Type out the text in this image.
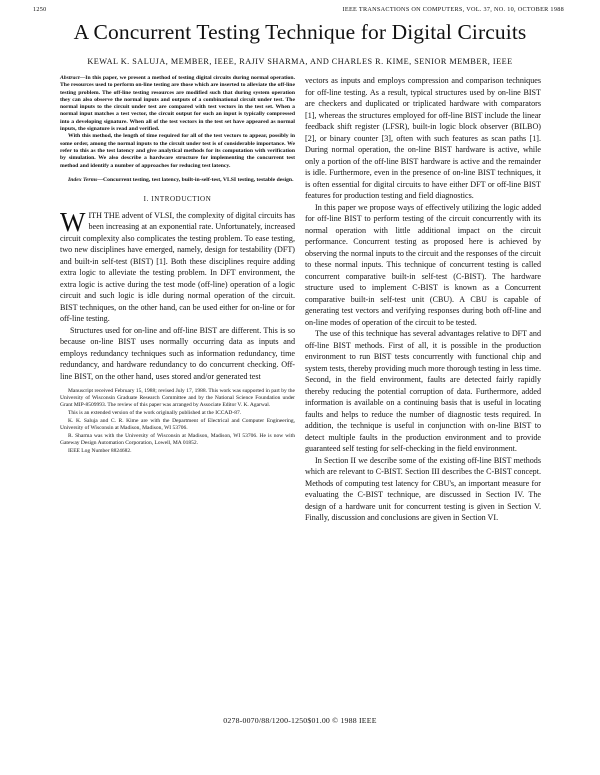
1250	IEEE TRANSACTIONS ON COMPUTERS, VOL. 37, NO. 10, OCTOBER 1988
A Concurrent Testing Technique for Digital Circuits
KEWAL K. SALUJA, MEMBER, IEEE, RAJIV SHARMA, AND CHARLES R. KIME, SENIOR MEMBER, IEEE

Abstract—In this paper, we present a method of testing digital circuits during normal operation. The resources used to perform on-line testing are those which are inserted to alleviate the off-line testing problem. The off-line testing resources are modified such that during system operation they can also observe the normal inputs and outputs of a combinational circuit under test. The normal inputs to the circuit under test are compared with test vectors in the test set. When a normal input matches a test vector, the circuit output for such an input is typically compressed into a developing signature. When all of the test vectors in the test set have appeared as normal inputs, the signature is read and verified.

With this method, the length of time required for all of the test vectors to appear, possibly in some order, among the normal inputs to the circuit under test is of considerable importance. We refer to this as the test latency and give analytical methods for its computation with verification by simulation. We also describe a hardware structure for implementing the concurrent test method and identify a number of approaches for reducing test latency.

Index Terms—Concurrent testing, test latency, built-in-self-test, VLSI testing, testable design.
I. INTRODUCTION

WITH THE advent of VLSI, the complexity of digital circuits has been increasing at an exponential rate. Unfortunately, increased circuit complexity also complicates the testing problem. To ease testing, two new disciplines have emerged, namely, design for testability (DFT) and built-in self-test (BIST) [1]. Both these disciplines require adding extra logic to alleviate the testing problem. In DFT environment, the extra logic is active during the test mode (off-line) operation of a logic circuit and such logic is idle during normal operation of the circuit. BIST techniques, on the other hand, can be used either for on-line or for off-line testing.

Structures used for on-line and off-line BIST are different. This is so because on-line BIST uses normally occurring data as inputs and employs redundancy techniques such as information redundancy, time redundancy, and hardware redundancy to do concurrent checking. Off-line BIST, on the other hand, uses stored and/or generated test

Manuscript received February 15, 1988; revised July 17, 1988. This work was supported in part by the University of Wisconsin Graduate Research Committee and by the National Science Foundation under Grant MIP-8509993. The review of this paper was arranged by Associate Editor V. K. Agarwal.

This is an extended version of the work originally published at the ICCAD-87.

K. K. Saluja and C. R. Kime are with the Department of Electrical and Computer Engineering, University of Wisconsin at Madison, Madison, WI 53706.

R. Sharma was with the University of Wisconsin at Madison, Madison, WI 53706. He is now with Gateway Design Automation Corporation, Lowell, MA 01852.

IEEE Log Number 8824682.

vectors as inputs and employs compression and comparison techniques for off-line testing. As a result, typical structures used by on-line BIST are checkers and duplicated or triplicated hardware with comparators [1], whereas the structures employed for off-line BIST include the linear feedback shift register (LFSR), built-in logic block observer (BILBO) [2], or binary counter [3], often with such features as scan paths [1]. During normal operation, the on-line BIST hardware is active, while only a portion of the off-line BIST hardware is active and the remainder is idle. Furthermore, even in the presence of on-line BIST techniques, it is often essential for digital circuits to have either DFT or off-line BIST features for production testing and field diagnostics.

In this paper we propose ways of effectively utilizing the logic added for off-line BIST to perform testing of the circuit concurrently with its normal operation with little additional impact on the circuit performance. Concurrent testing as proposed here is achieved by observing the normal inputs to the circuit and the responses of the circuit to these normal inputs. This technique of concurrent testing is called concurrent comparative built-in self-test (C-BIST). The hardware structure used to implement C-BIST is known as a Concurrent comparative built-in self-test unit (CBU). A CBU is capable of generating test vectors and verifying responses during both off-line and on-line modes of operation of the circuit to be tested.

The use of this technique has several advantages relative to DFT and off-line BIST methods. First of all, it is possible in the production environment to run BIST tests concurrently with functional chip and system tests, thereby providing much more thorough testing in less time. Second, in the field environment, faults are detected fairly rapidly thereby reducing the potential corruption of data. Furthermore, added information is available on a continuing basis that is useful in locating faults and helps to reduce the number of diagnostic tests required. In addition, the technique is useful in conjunction with on-line BIST to detect multiple faults in the production environment and to provide guaranteed self testing for self-checking in the field environment.

In Section II we describe some of the existing off-line BIST methods which are relevant to C-BIST. Section III describes the C-BIST concept. Methods of computing test latency for CBU's, an important measure for evaluating the C-BIST technique, are discussed in Section IV. The design of a hardware unit for concurrent testing is given in Section V. Finally, discussion and conclusions are given in Section VI.

0278-0070/88/1200-1250$01.00 © 1988 IEEE
